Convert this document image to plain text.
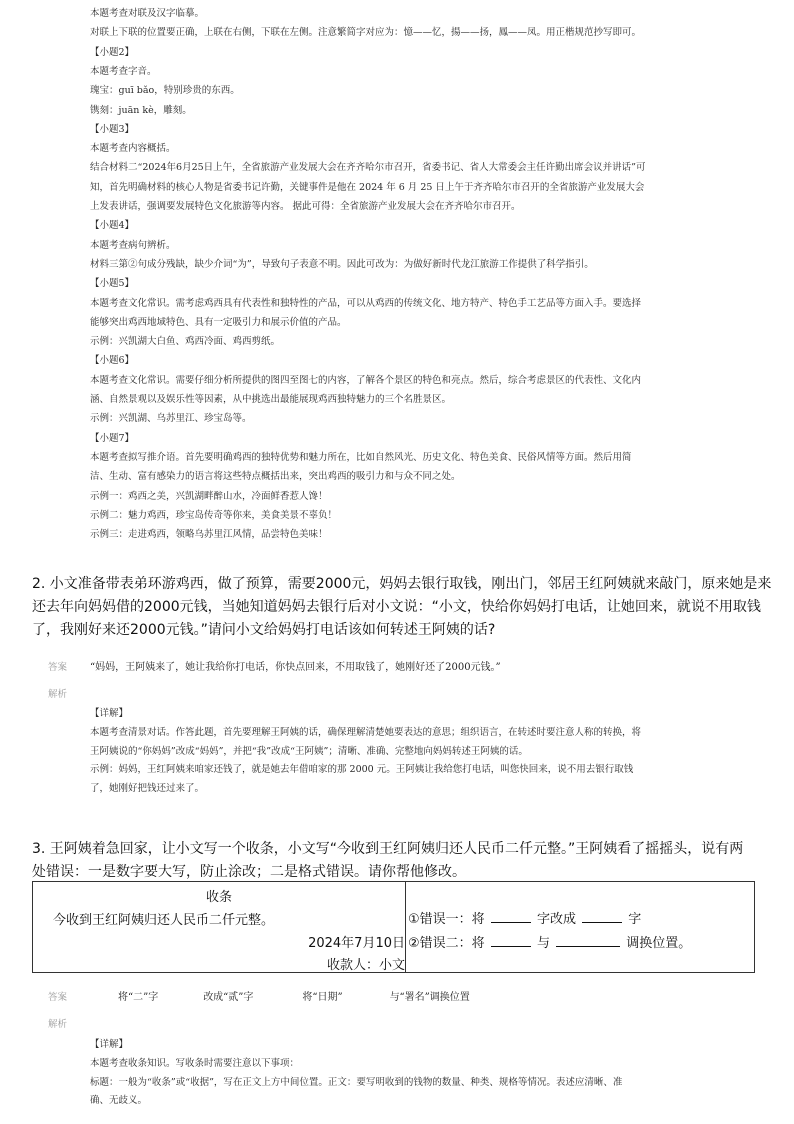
本题考查对联及汉字临摹。
对联上下联的位置要正确，上联在右侧，下联在左侧。注意繁简字对应为：憶——忆，揚——扬，鳳——凤。用正楷规范抄写即可。
【小题2】
本题考查字音。
瑰宝：guī bǎo，特别珍贵的东西。
镌刻：juān kè，雕刻。
【小题3】
本题考查内容概括。
结合材料二“2024年6月25日上午，全省旅游产业发展大会在齐齐哈尔市召开，省委书记、省人大常委会主任许勤出席会议并讲话”可
知，首先明确材料的核心人物是省委书记许勤，关键事件是他在 2024 年 6 月 25 日上午于齐齐哈尔市召开的全省旅游产业发展大会
上发表讲话，强调要发展特色文化旅游等内容。 据此可得：全省旅游产业发展大会在齐齐哈尔市召开。
【小题4】
本题考查病句辨析。
材料三第②句成分残缺，缺少介词“为”，导致句子表意不明。因此可改为：为做好新时代龙江旅游工作提供了科学指引。
【小题5】
本题考查文化常识。需考虑鸡西具有代表性和独特性的产品，可以从鸡西的传统文化、地方特产、特色手工艺品等方面入手。要选择
能够突出鸡西地域特色、具有一定吸引力和展示价值的产品。
示例：兴凯湖大白鱼、鸡西冷面、鸡西剪纸。
【小题6】
本题考查文化常识。需要仔细分析所提供的图四至图七的内容，了解各个景区的特色和亮点。然后，综合考虑景区的代表性、文化内
涵、自然景观以及娱乐性等因素，从中挑选出最能展现鸡西独特魅力的三个名胜景区。
示例：兴凯湖、乌苏里江、珍宝岛等。
【小题7】
本题考查拟写推介语。首先要明确鸡西的独特优势和魅力所在，比如自然风光、历史文化、特色美食、民俗风情等方面。然后用简
洁、生动、富有感染力的语言将这些特点概括出来，突出鸡西的吸引力和与众不同之处。
示例一：鸡西之美，兴凯湖畔醉山水，冷面鲜香惹人馋！
示例二：魅力鸡西，珍宝岛传奇等你来，美食美景不辜负！
示例三：走进鸡西，领略乌苏里江风情，品尝特色美味！
2. 小文准备带表弟环游鸡西，做了预算，需要2000元，妈妈去银行取钱，刚出门，邻居王红阿姨就来敲门，原来她是来
还去年向妈妈借的2000元钱，当她知道妈妈去银行后对小文说：“小文，快给你妈妈打电话，让她回来，就说不用取钱
了，我刚好来还2000元钱。”请问小文给妈妈打电话该如何转述王阿姨的话?
答案 “妈妈，王阿姨来了，她让我给你打电话，你快点回来，不用取钱了，她刚好还了2000元钱。”
解析
【详解】
本题考查清景对话。作答此题，首先要理解王阿姨的话，确保理解清楚她要表达的意思；组织语言，在转述时要注意人称的转换，将
王阿姨说的“你妈妈”改成“妈妈”，并把“我”改成“王阿姨”；清晰、准确、完整地向妈妈转述王阿姨的话。
示例：妈妈，王红阿姨来咱家还钱了，就是她去年借咱家的那 2000 元。王阿姨让我给您打电话，叫您快回来，说不用去银行取钱
了，她刚好把钱还过来了。
3. 王阿姨着急回家，让小文写一个收条，小文写“今收到王红阿姨归还人民币二仟元整。”王阿姨看了摇摇头，说有两
处错误：一是数字要大写，防止涂改；二是格式错误。请你帮他修改。
收条
今收到王红阿姨归还人民币二仟元整。
2024年7月10日
收款人：小文

①错误一：将	字改成	字
②错误二：将	与	调换位置。
答案	将“二”字	改成“贰”字	将“日期”	与“署名”调换位置
解析
【详解】
本题考查收条知识。写收条时需要注意以下事项：
标题：一般为“收条”或“收据”，写在正文上方中间位置。正文：要写明收到的钱物的数量、种类、规格等情况。表述应清晰、准
确、无歧义。
